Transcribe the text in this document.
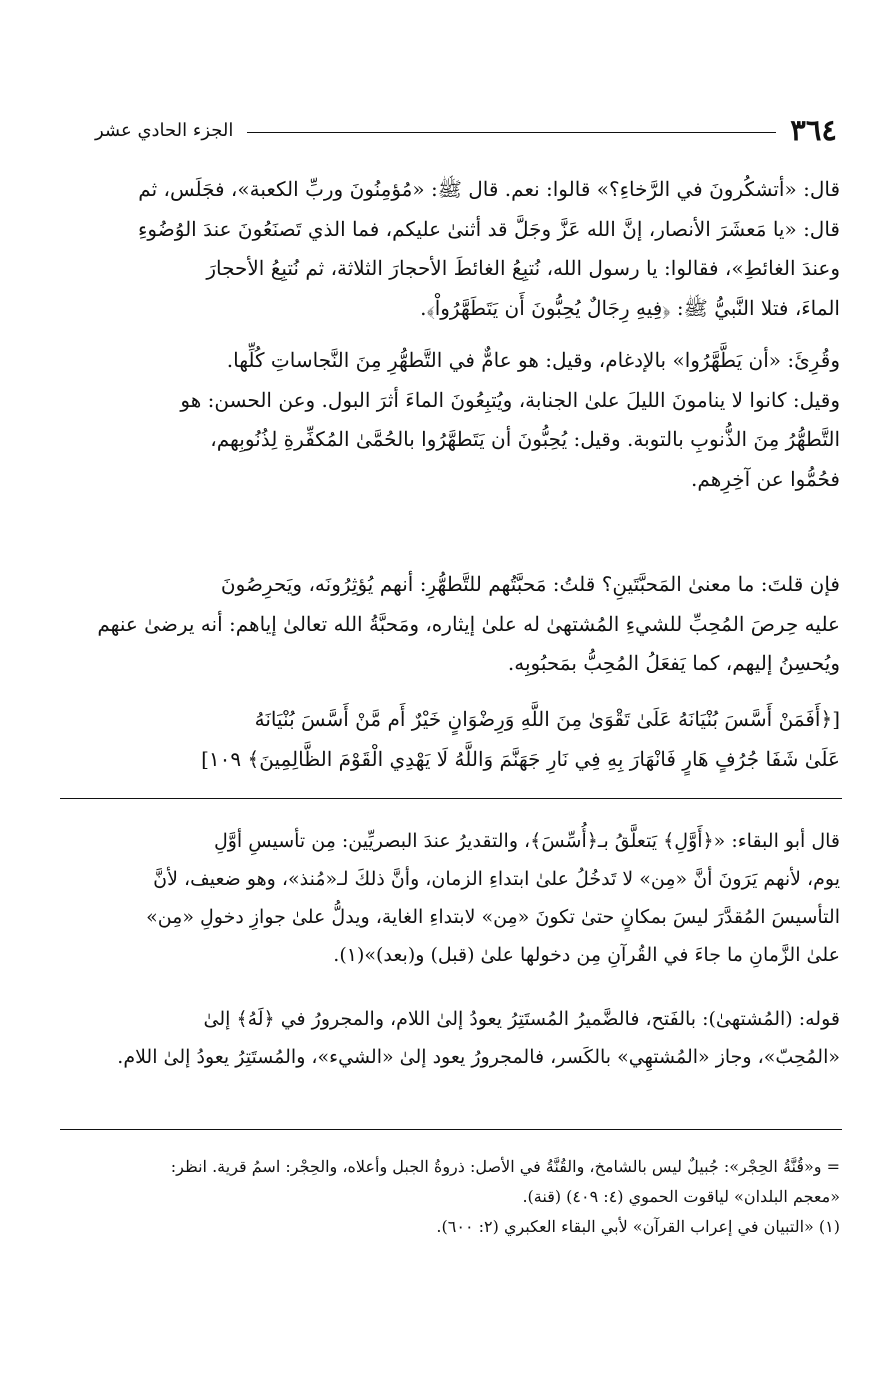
٣٦٤
الجزء الحادي عشر
قال: «أتشكُرونَ في الرَّخاءِ؟» قالوا: نعم. قال ﷺ: «مُؤمِنُونَ وربِّ الكعبة»، فجَلَس، ثم
قال: «يا مَعشَرَ الأنصار، إنَّ الله عَزَّ وجَلَّ قد أثنىٰ عليكم، فما الذي تَصنَعُونَ عندَ الوُضُوءِ
وعندَ الغائطِ»، فقالوا: يا رسول الله، نُتبِعُ الغائطَ الأحجارَ الثلاثة، ثم نُتبِعُ الأحجارَ
الماءَ، فتلا النَّبيُّ ﷺ: ﴿فِيهِ رِجَالٌ يُحِبُّونَ أَن يَتَطَهَّرُواْ﴾.
وقُرِئَ: «أن يَطَّهَّرُوا» بالإدغام، وقيل: هو عامٌّ في التَّطهُّرِ مِنَ النَّجاساتِ كُلِّها.
وقيل: كانوا لا ينامونَ الليلَ علىٰ الجنابة، ويُتبِعُونَ الماءَ أثرَ البول. وعن الحسن: هو
التَّطهُّرُ مِنَ الذُّنوبِ بالتوبة. وقيل: يُحِبُّونَ أن يَتَطهَّرُوا بالحُمَّىٰ المُكفِّرةِ لِذُنُوبِهم،
فحُمُّوا عن آخِرِهم.
فإن قلتَ: ما معنىٰ المَحبَّتَينِ؟ قلتُ: مَحبَّتُهم للتَّطهُّرِ: أنهم يُؤثِرُونَه، ويَحرِصُونَ
عليه حِرصَ المُحِبِّ للشيءِ المُشتهىٰ له علىٰ إيثاره، ومَحبَّةُ الله تعالىٰ إياهم: أنه يرضىٰ عنهم
ويُحسِنُ إليهم، كما يَفعَلُ المُحِبُّ بمَحبُوبِه.
[﴿أَفَمَنْ أَسَّسَ بُنْيَانَهُ عَلَىٰ تَقْوَىٰ مِنَ اللَّهِ وَرِضْوَانٍ خَيْرٌ أَم مَّنْ أَسَّسَ بُنْيَانَهُ
عَلَىٰ شَفَا جُرُفٍ هَارٍ فَانْهَارَ بِهِ فِي نَارِ جَهَنَّمَ وَاللَّهُ لَا يَهْدِي الْقَوْمَ الظَّالِمِينَ﴾ ١٠٩]
قال أبو البقاء: «﴿أَوَّلِ﴾ يَتعلَّقُ بـ﴿أُسِّسَ﴾، والتقديرُ عندَ البصريِّين: مِن تأسيسِ أوَّلِ
يوم، لأنهم يَرَونَ أنَّ «مِن» لا تَدخُلُ علىٰ ابتداءِ الزمان، وأنَّ ذلكَ لـ«مُنذ»، وهو ضعيف، لأنَّ
التأسيسَ المُقدَّرَ ليسَ بمكانٍ حتىٰ تكونَ «مِن» لابتداءِ الغاية، ويدلُّ علىٰ جوازِ دخولِ «مِن»
علىٰ الزَّمانِ ما جاءَ في القُرآنِ مِن دخولها علىٰ (قبل) و(بعد)»(١).
قوله: (المُشتهىٰ): بالفَتح، فالضَّميرُ المُستَتِرُ يعودُ إلىٰ اللام، والمجرورُ في ﴿لَهُ﴾ إلىٰ
«المُحِبّ»، وجاز «المُشتهِي» بالكَسر، فالمجرورُ يعود إلىٰ «الشيء»، والمُستَتِرُ يعودُ إلىٰ اللام.
= و«قُنَّةُ الحِجْر»: جُبيلٌ ليس بالشامخ، والقُنَّةُ في الأصل: ذروةُ الجبل وأعلاه، والحِجْر: اسمُ قرية. انظر:
«معجم البلدان» لياقوت الحموي (٤: ٤٠٩) (قنة).
(١) «التبيان في إعراب القرآن» لأبي البقاء العكبري (٢: ٦٠٠).
